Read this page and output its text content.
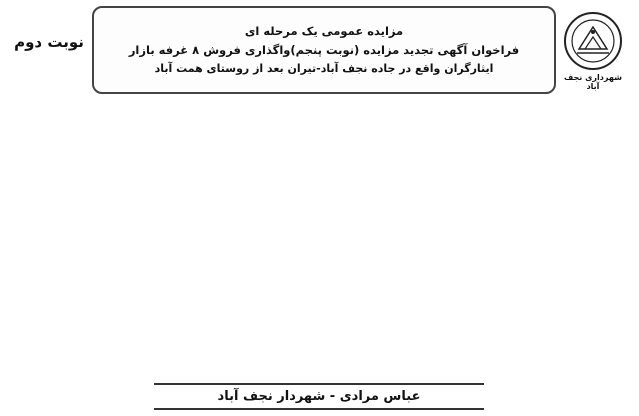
نوبت دوم
مزایده عمومی یک مرحله ای
فراخوان آگهی تجدید مزایده (نوبت پنجم)واگذاری فروش ۸ غرفه بازار
ایثارگران واقع در جاده نجف آباد-تیران بعد از روستای همت آباد
شهرداری نجف آباد
عباس مرادی - شهردار نجف آباد
